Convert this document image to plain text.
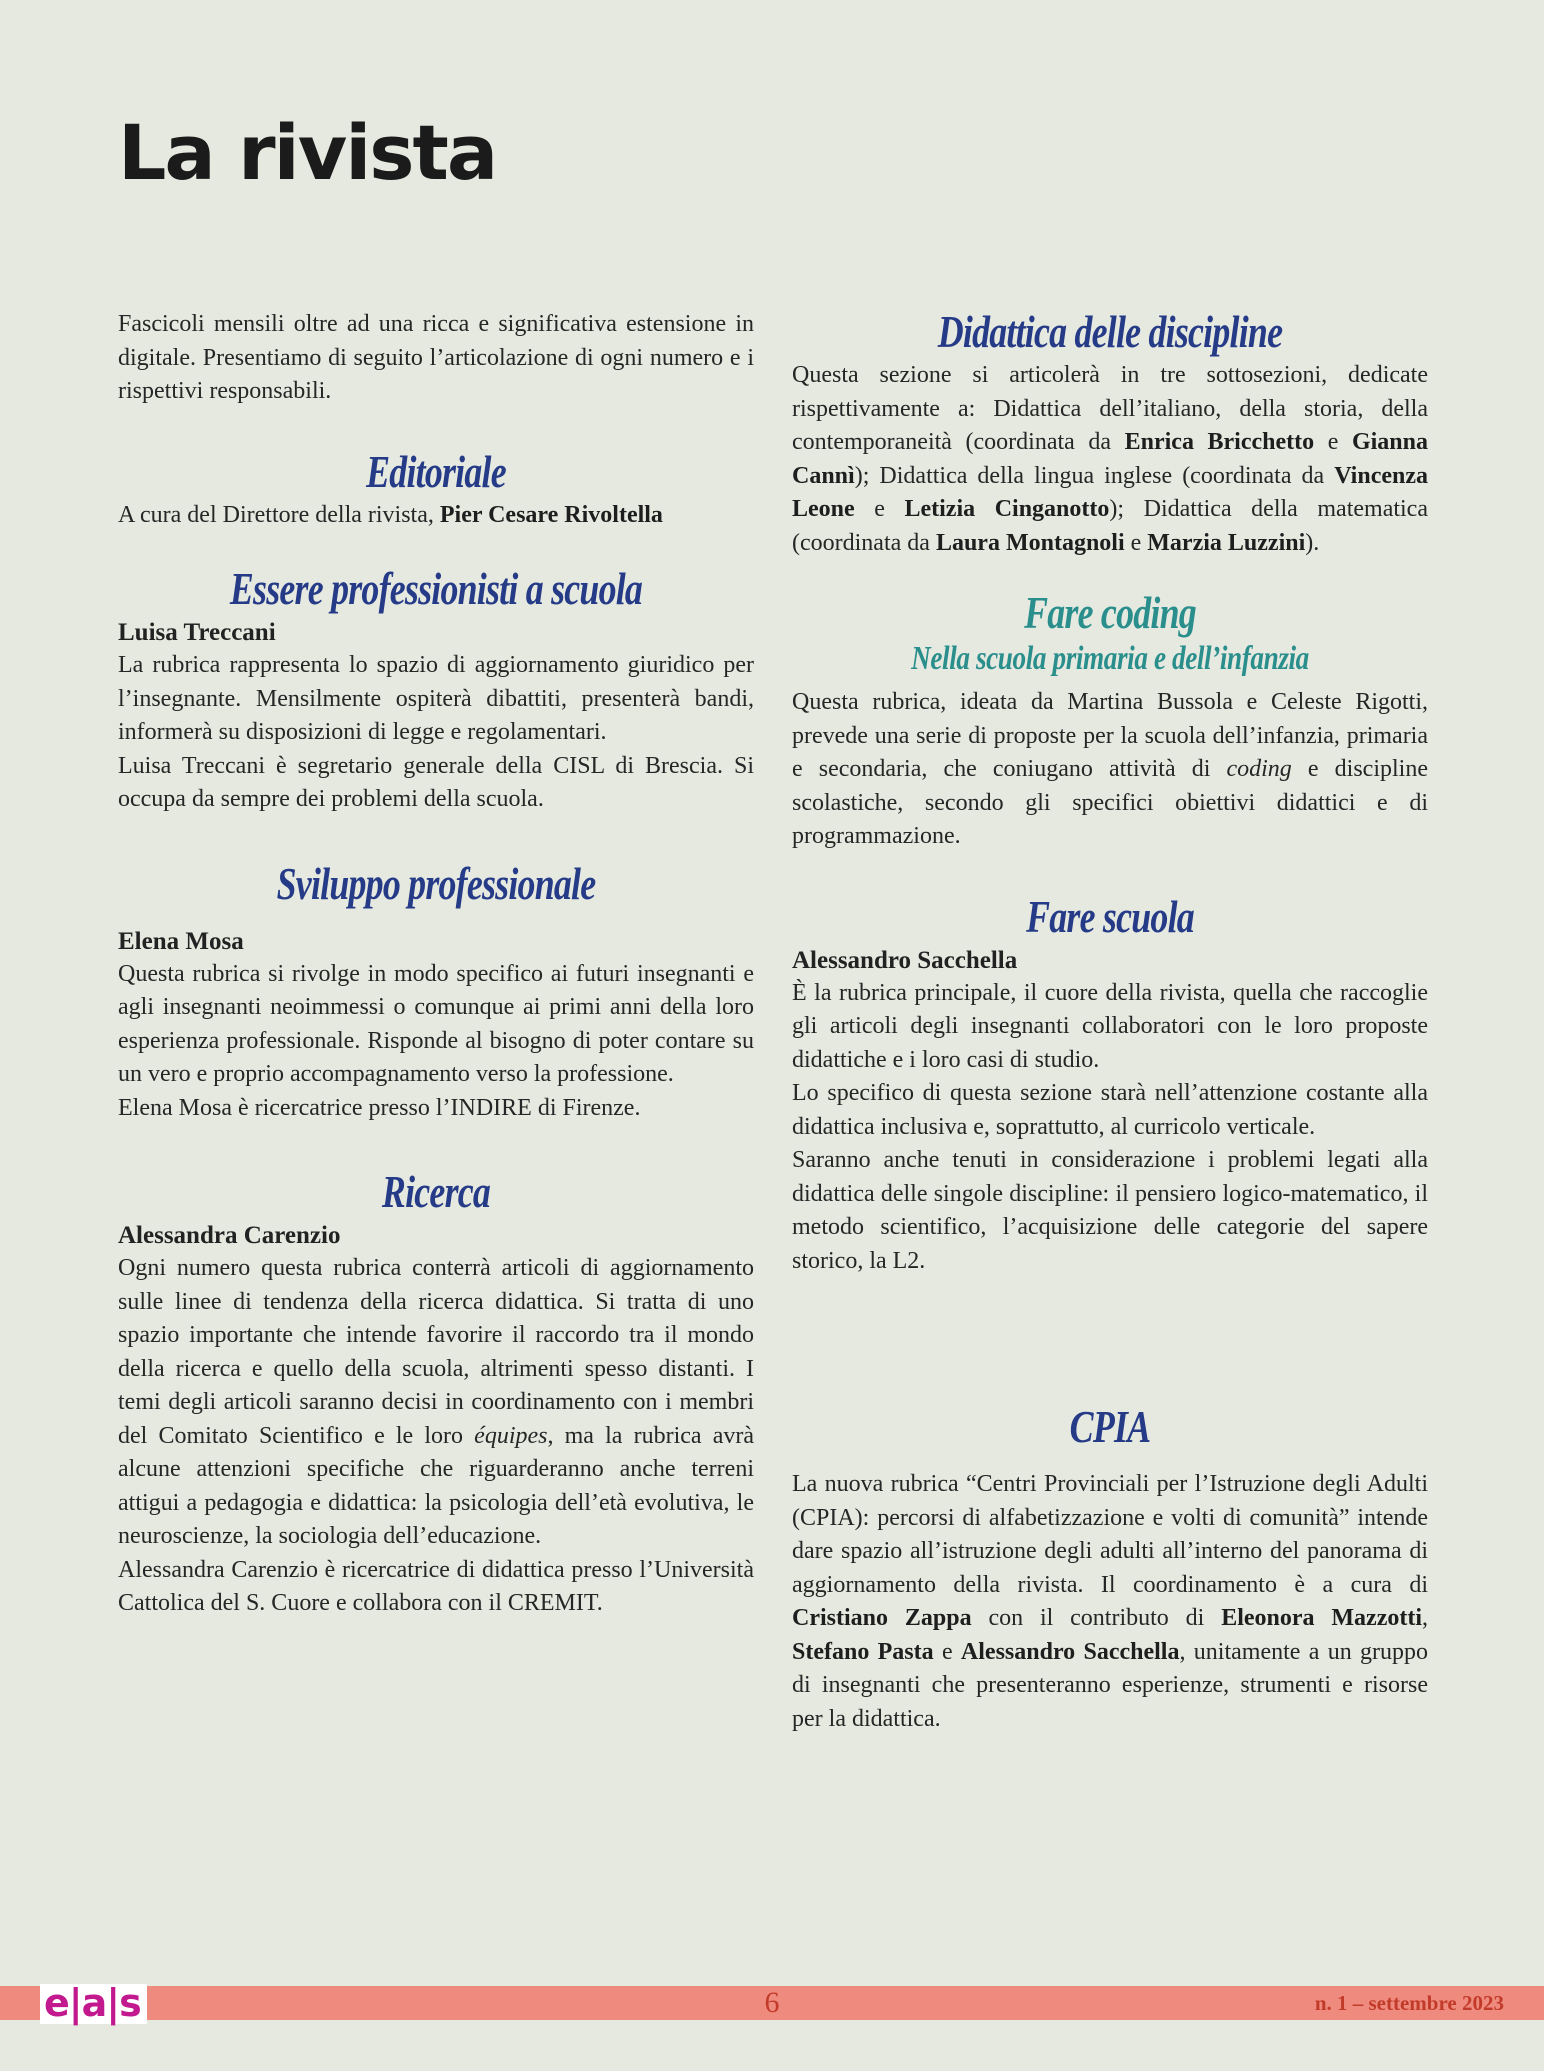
La rivista

Fascicoli mensili oltre ad una ricca e significativa estensione in digitale. Presentiamo di seguito l’articolazione di ogni numero e i rispettivi responsabili.

Editoriale

A cura del Direttore della rivista, Pier Cesare Rivoltella

Essere professionisti a scuola
Luisa Treccani

La rubrica rappresenta lo spazio di aggiornamento giuridico per l’insegnante. Mensilmente ospiterà dibattiti, presenterà bandi, informerà su disposizioni di legge e regolamentari.

Luisa Treccani è segretario generale della CISL di Brescia. Si occupa da sempre dei problemi della scuola.

Sviluppo professionale
Elena Mosa

Questa rubrica si rivolge in modo specifico ai futuri insegnanti e agli insegnanti neoimmessi o comunque ai primi anni della loro esperienza professionale. Risponde al bisogno di poter contare su un vero e proprio accompagnamento verso la professione.

Elena Mosa è ricercatrice presso l’INDIRE di Firenze.

Ricerca
Alessandra Carenzio

Ogni numero questa rubrica conterrà articoli di aggiornamento sulle linee di tendenza della ricerca didattica. Si tratta di uno spazio importante che intende favorire il raccordo tra il mondo della ricerca e quello della scuola, altrimenti spesso distanti. I temi degli articoli saranno decisi in coordinamento con i membri del Comitato Scientifico e le loro équipes, ma la rubrica avrà alcune attenzioni specifiche che riguarderanno anche terreni attigui a pedagogia e didattica: la psicologia dell’età evolutiva, le neuroscienze, la sociologia dell’educazione.

Alessandra Carenzio è ricercatrice di didattica presso l’Università Cattolica del S. Cuore e collabora con il CREMIT.

Didattica delle discipline

Questa sezione si articolerà in tre sottosezioni, dedicate rispettivamente a: Didattica dell’italiano, della storia, della contemporaneità (coordinata da Enrica Bricchetto e Gianna Cannì); Didattica della lingua inglese (coordinata da Vincenza Leone e Letizia Cinganotto); Didattica della matematica (coordinata da Laura Montagnoli e Marzia Luzzini).

Fare coding
Nella scuola primaria e dell’infanzia

Questa rubrica, ideata da Martina Bussola e Celeste Rigotti, prevede una serie di proposte per la scuola dell’infanzia, primaria e secondaria, che coniugano attività di coding e discipline scolastiche, secondo gli specifici obiettivi didattici e di programmazione.

Fare scuola
Alessandro Sacchella

È la rubrica principale, il cuore della rivista, quella che raccoglie gli articoli degli insegnanti collaboratori con le loro proposte didattiche e i loro casi di studio.

Lo specifico di questa sezione starà nell’attenzione costante alla didattica inclusiva e, soprattutto, al curricolo verticale.

Saranno anche tenuti in considerazione i problemi legati alla didattica delle singole discipline: il pensiero logico-matematico, il metodo scientifico, l’acquisizione delle categorie del sapere storico, la L2.

CPIA

La nuova rubrica “Centri Provinciali per l’Istruzione degli Adulti (CPIA): percorsi di alfabetizzazione e volti di comunità” intende dare spazio all’istruzione degli adulti all’interno del panorama di aggiornamento della rivista. Il coordinamento è a cura di Cristiano Zappa con il contributo di Eleonora Mazzotti, Stefano Pasta e Alessandro Sacchella, unitamente a un gruppo di insegnanti che presenteranno esperienze, strumenti e risorse per la didattica.

e|a|s	6	n. 1 – settembre 2023
